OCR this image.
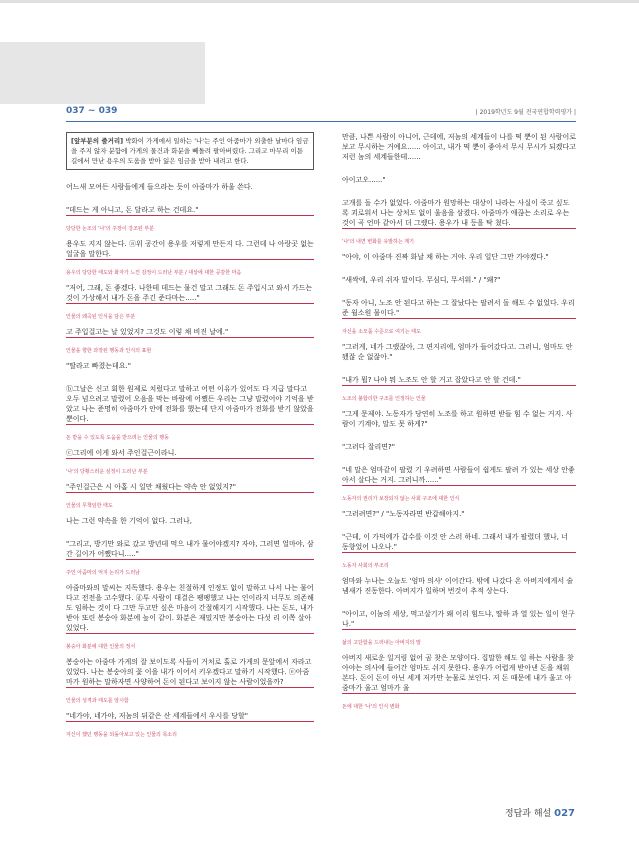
037 ~ 039	| 2019학년도 9월 전국연합학력평가 |
[앞부분의 줄거리] 박화이 가게에서 일하는 '나'는 주인 아줌마가 외출한 날마다 임금을 주지 않자 분함에 가게의 물건과 화분을 빼돌려 팔아버렸다. 그리고 마무리 이튿 길에서 만난 용우의 도움을 받아 잃은 임금을 받아 내려고 한다.

어느새 모여든 사람들에게 들으라는 듯이 아줌마가 하울 쓴다.

"데드는 게 아니고, 돈 달라고 하는 건데요."

당당한 논조의 '나'의 주장이 강조된 부분

용우도 지지 않는다. ⓐ위 공간이 용우를 저렇게 만든지 다. 그런데 나 아랑곳 없는 얼굴을 말한다.

용우의 당당한 태도와 화자가 느낀 감정이 드러난 부분 / 대상에 대한 공감한 마음

"저어, 그래, 돈 좋겠다. 나한테 데드는 물건 말고 그래도 돈 주입시고 와서 가드는 것이 가상해서 내가 돈을 주긴 준다마는....."

인물의 왜곡된 인식을 담은 부분

고 주입걸고는 날 있었지? 그것도 이렇 채 비진 날에."

인물을 향한 과장된 행동과 인식의 표현

"딸라고 빠졌는데요."

ⓑ그날은 신고 회한 원제로 치렀다고 말하고 어떤 이유가 있어도 다 지급 말다고 오두 넘으려고 말렸어 오음을 막는 바람에 어쨌든 우리는 그냥 말렸어야 기억을 받았고 나는 준명히 아줌마가 안에 전화를 했는데 단지 아줌마가 전화를 받기 않았을 뿐이다.

돈 받을 수 있도록 도움을 받으려는 인물의 행동

ⓒ그리에 이게 와서 주인걸근이라니.

'나'의 당황스러운 심정이 드러난 부분

"주인걸근은 시 아홉 시 일만 채웠다는 약속 안 없었지?"

인물의 무책임한 태도

나는 그런 약속을 한 기억이 없다. 그러나,

"그리고, 방기만 와로 갔고 방년데 먹으 내가 물어야겠지? 자야, 그러면 얼마야, 삼간 길이가 어쨌다니....."

주인 아줌마의 억지 논리가 드러남

아줌마와의 말씨는 지독했다. 용우는 친절하게 인정도 없이 말하고 나서 나는 물어다고 전전을 고수했다. ⓓ투 사람이 대결은 팽팽했고 나는 인이라지 너무도 의존해도 임하는 것이 다 그만 두고만 싶은 마음이 간절해지기 시작했다. 나는 돈도, 내가 받아 또린 봉숭아 화분에 높이 같이. 화분은 재밌지만 봉숭아는 다섯 리 이쪽 살아 있었다.

봉숭아 화분에 대한 인물의 정서

봉숭아는 아줌마 가게의 잘 보이도록 사들이 거처로 홀로 가게의 문앞에서 자라고 있었다. 나는 봉숭아의 꽃 이을 내가 이어서 키우겠다고 말하기 시작했다. ⓔ아줌마가 원하는 말하자면 사양하여 돈이 된다고 보이지 않는 사람이었을까?

인물의 성격과 태도를 암시함

"네가야, 네가야, 저놈의 뒤같은 산 세계들에서 우시를 당할"

자신이 했던 행동을 되돌아보고 있는 인물의 목소리

만큼, 나쁜 사람이 아니어, 근데에, 저놈의 세계들이 나를 떡 뿐이 된 사람이로 보고 무시하는 거예요...... 아이고, 내가 떡 뿐이 좋아서 무시 무시가 되겠다고 저런 놈의 세계들한테......

아이고오......"

고개를 돌 수가 없었다. 아줌마가 원망하는 대상이 나라는 사실이 죽고 싶도록 괴로워서 나는 상처도 없이 울음을 삼켰다. 아줌마가 애끊는 소리로 우는 것이 곡 언마 같아서 더 그랬다. 용우가 내 등을 탁 쳤다.

'나'의 내면 변화를 유발하는 계기

"아야, 이 아줌마 진짜 화날 채 하는 거야. 우리 일단 그만 가야겠다."

"새싹에, 우리 쉬자 말이다. 무심디, 무서워." / "왜?"

"동자 아니, 노조 안 된다고 하는 그 잘났다는 팔려서 돌 해도 수 없었다. 우리 준 월소원 물이다."

자신을 소모품 수준으로 여기는 태도

"그러게, 네가 그랬잖아, 그 편지리에, 엄마가 들어갔다고. 그러니, 엄마도 안됐잖 순 없잖아."

"내가 뭘? 나야 뭐 노조도 안 할 거고 잡았다고 안 할 건데."

노조의 불합리한 구조를 인정하는 인물

"그게 문제야. 노동자가 당연히 노조를 하고 원하면 받들 힘 수 없는 거지. 사람이 기계야, 말도 못 하게?"

"그러다 잘리면?"

"네 말은 엄마같이 팔렸 기 우려하면 사람들이 쉽게도 팔려 가 있는 세상 안좋아서 살다는 거지. 그러니까......"

노동자의 권리가 보장되지 않는 사회 구조에 대한 인식

"그러려면?" / "노동자라면 반갑해야지."

"근데, 이 가덕에가 갑수를 이것 안 스러 하네. 그래서 내가 팔렸더 했나, 너 동향었어 나오나."

노동자 사회의 부조리

엄마와 누나는 오늘도 '엄마 의사' 이어간다. 밖에 나갔다 온 아버지에게서 술 냄새가 진동한다. 아버지가 일하며 번것이 추적 상는다.

"아이고, 이놈의 세상, 먹고살기가 왜 이리 힘드냐, 딸하 과 열 있는 일이 얻구나."

삶의 고단함을 드러내는 아버지의 말

아버지 새로운 일거림 없어 곰 찾은 모양이다. 집말한 해도 일 하는 사람을 찾아야는 의사에 들어간 엄마도 쉬지 못한다. 용우가 어렵게 받아낸 돈을 채워 본다. 돈이 돈이 아닌 세게 저카만 눈물로 보인다. 저 돈 때문에 내가 울고 아줌마가 울고 엄마가 울

돈에 대한 '나'의 인식 변화
정답과 해설 027
